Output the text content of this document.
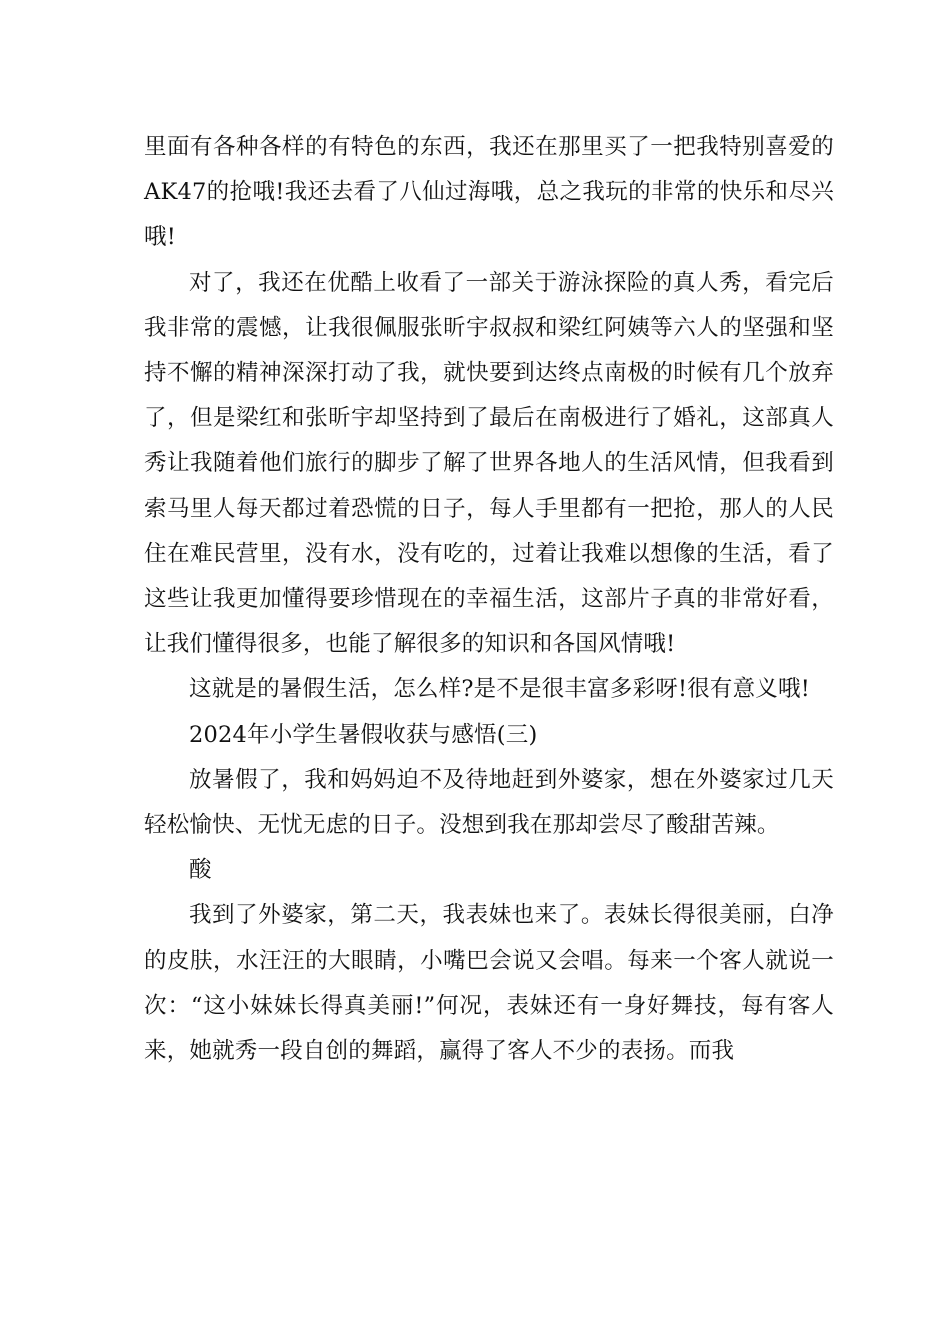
里面有各种各样的有特色的东西，我还在那里买了一把我特别喜爱的AK47的抢哦!我还去看了八仙过海哦，总之我玩的非常的快乐和尽兴哦!

对了，我还在优酷上收看了一部关于游泳探险的真人秀，看完后我非常的震憾，让我很佩服张昕宇叔叔和梁红阿姨等六人的坚强和坚持不懈的精神深深打动了我，就快要到达终点南极的时候有几个放弃了，但是梁红和张昕宇却坚持到了最后在南极进行了婚礼，这部真人秀让我随着他们旅行的脚步了解了世界各地人的生活风情，但我看到索马里人每天都过着恐慌的日子，每人手里都有一把抢，那人的人民住在难民营里，没有水，没有吃的，过着让我难以想像的生活，看了这些让我更加懂得要珍惜现在的幸福生活，这部片子真的非常好看，让我们懂得很多，也能了解很多的知识和各国风情哦!

这就是的暑假生活，怎么样?是不是很丰富多彩呀!很有意义哦!

2024年小学生暑假收获与感悟(三)

放暑假了，我和妈妈迫不及待地赶到外婆家，想在外婆家过几天轻松愉快、无忧无虑的日子。没想到我在那却尝尽了酸甜苦辣。

酸

我到了外婆家，第二天，我表妹也来了。表妹长得很美丽，白净的皮肤，水汪汪的大眼睛，小嘴巴会说又会唱。每来一个客人就说一次：“这小妹妹长得真美丽!”何况，表妹还有一身好舞技，每有客人来，她就秀一段自创的舞蹈，赢得了客人不少的表扬。而我
